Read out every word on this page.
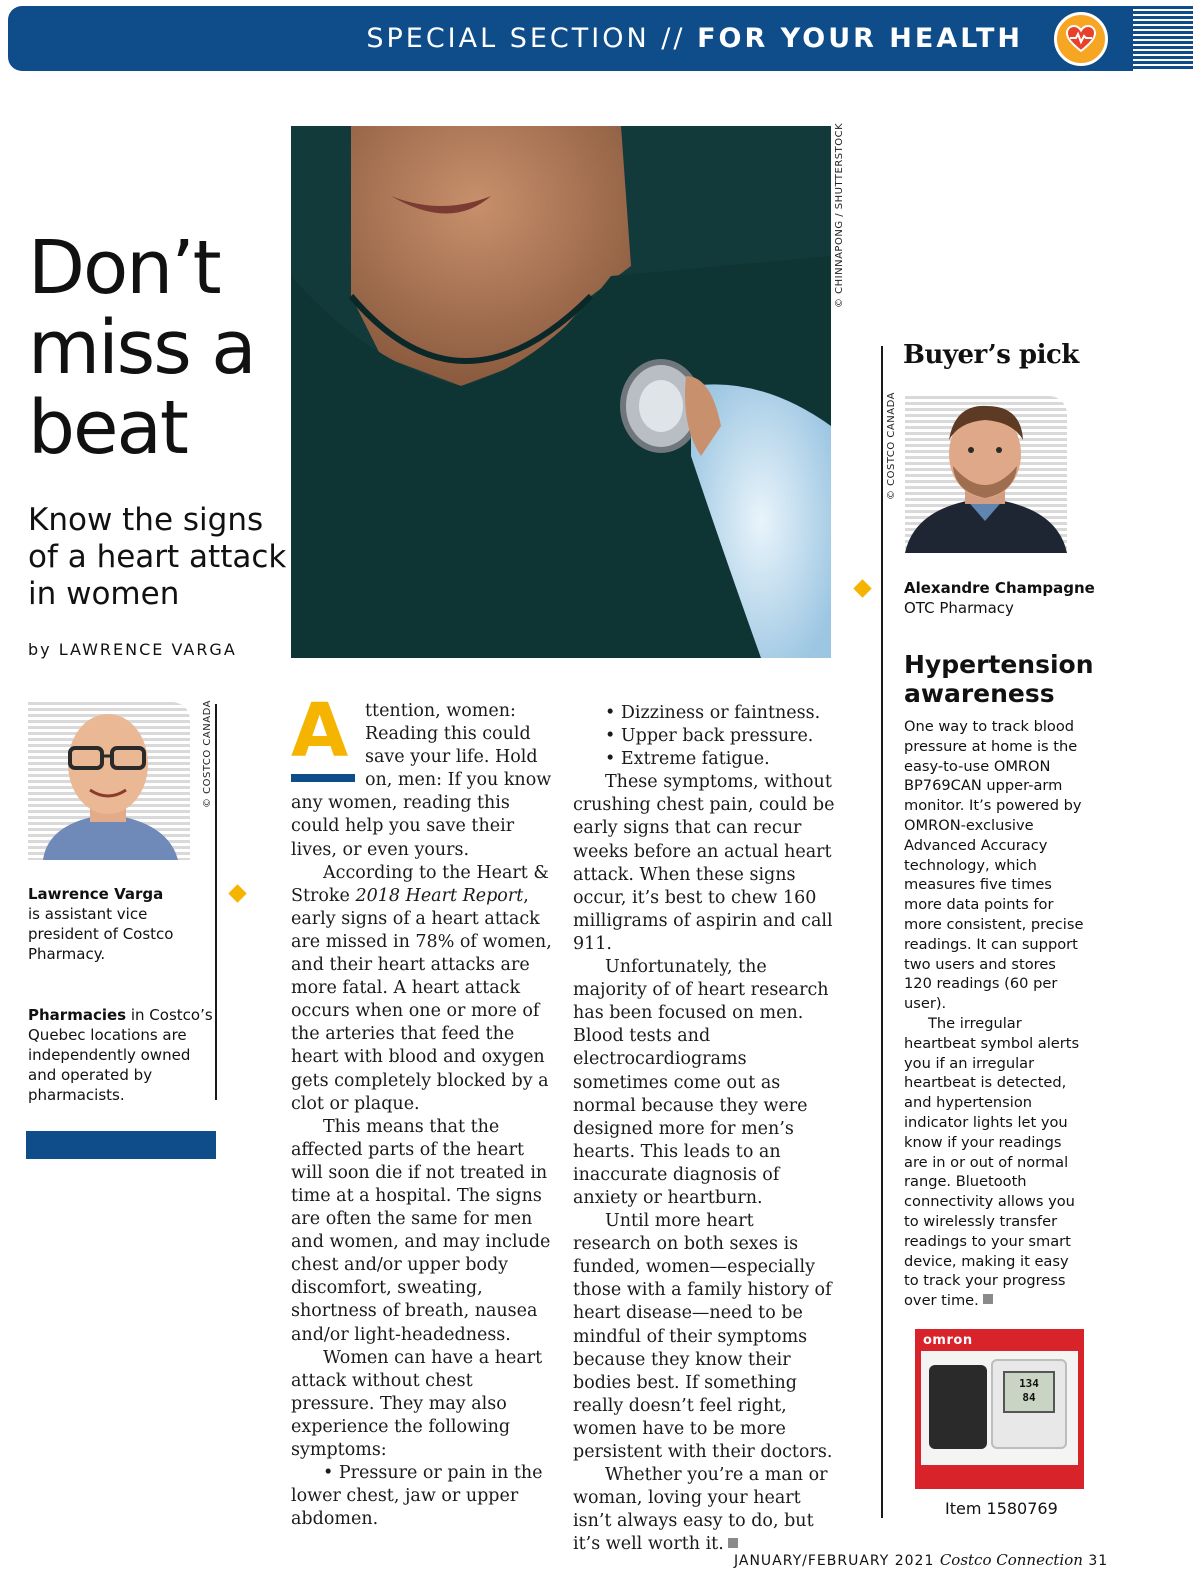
SPECIAL SECTION // FOR YOUR HEALTH
Don’t miss a beat
Know the signs of a heart attack in women
by LAWRENCE VARGA
© CHINNAPONG / SHUTTERSTOCK
© COSTCO CANADA
Lawrence Varga
is assistant vice president of Costco Pharmacy.
Pharmacies in Costco’s Quebec locations are independently owned and operated by pharmacists.
A ttention, women: Reading this could save your life. Hold on, men: If you know any women, reading this could help you save their lives, or even yours.

According to the Heart & Stroke 2018 Heart Report, early signs of a heart attack are missed in 78% of women, and their heart attacks are more fatal. A heart attack occurs when one or more of the arteries that feed the heart with blood and oxygen gets completely blocked by a clot or plaque.

This means that the affected parts of the heart will soon die if not treated in time at a hospital. The signs are often the same for men and women, and may include chest and/or upper body discomfort, sweating, shortness of breath, nausea and/or light-headedness.

Women can have a heart attack without chest pressure. They may also experience the following symptoms:

• Pressure or pain in the lower chest, jaw or upper abdomen.

• Dizziness or faintness.

• Upper back pressure.

• Extreme fatigue.

These symptoms, without crushing chest pain, could be early signs that can recur weeks before an actual heart attack. When these signs occur, it’s best to chew 160 milligrams of aspirin and call 911.

Unfortunately, the majority of of heart research has been focused on men. Blood tests and electrocardiograms sometimes come out as normal because they were designed more for men’s hearts. This leads to an inaccurate diagnosis of anxiety or heartburn.

Until more heart research on both sexes is funded, women—especially those with a family history of heart disease—need to be mindful of their symptoms because they know their bodies best. If something really doesn’t feel right, women have to be more persistent with their doctors.

Whether you’re a man or woman, loving your heart isn’t always easy to do, but it’s well worth it.

Buyer’s pick
© COSTCO CANADA
Alexandre Champagne
OTC Pharmacy
Hypertension awareness

One way to track blood pressure at home is the easy-to-use OMRON BP769CAN upper-arm monitor. It’s powered by OMRON-exclusive Advanced Accuracy technology, which measures five times more data points for more consistent, precise readings. It can support two users and stores 120 readings (60 per user).

The irregular heartbeat symbol alerts you if an irregular heartbeat is detected, and hypertension indicator lights let you know if your readings are in or out of normal range. Bluetooth connectivity allows you to wirelessly transfer readings to your smart device, making it easy to track your progress over time.

omron
134
84
Item 1580769
JANUARY/FEBRUARY 2021 Costco Connection 31
